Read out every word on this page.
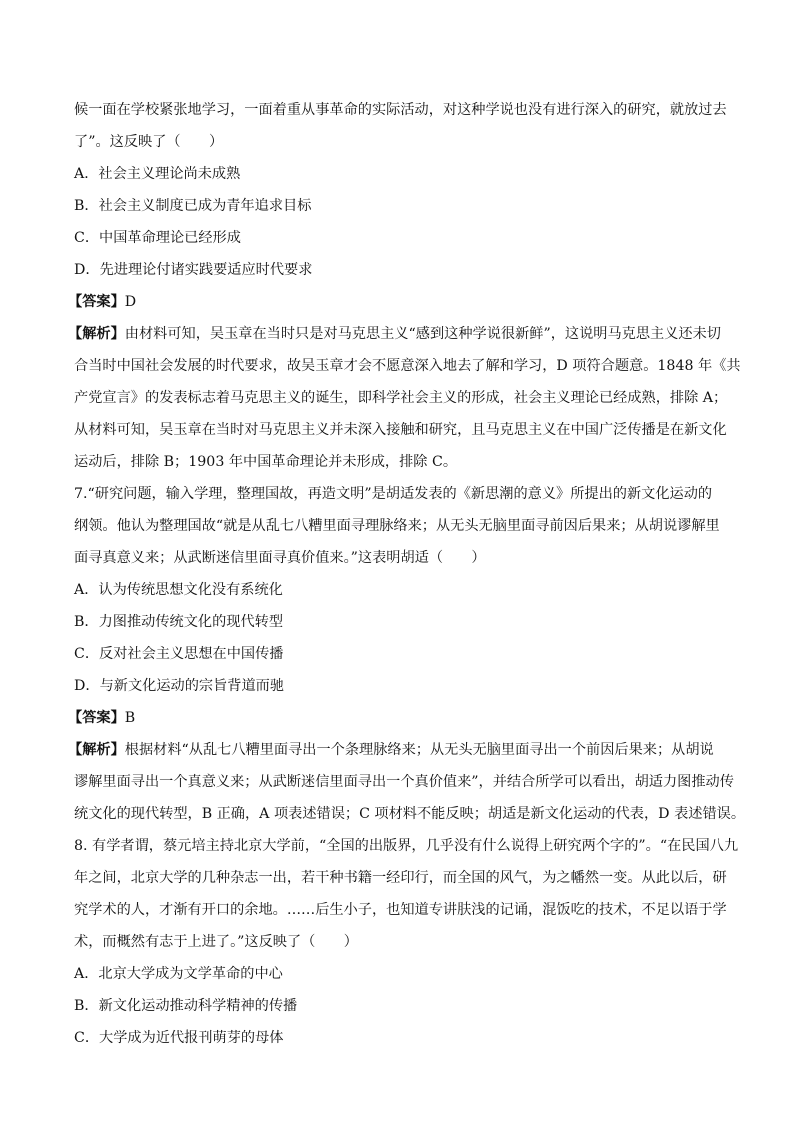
候一面在学校紧张地学习，一面着重从事革命的实际活动，对这种学说也没有进行深入的研究，就放过去
了”。这反映了（　　）
A．社会主义理论尚未成熟
B．社会主义制度已成为青年追求目标
C．中国革命理论已经形成
D．先进理论付诸实践要适应时代要求
【答案】D
【解析】由材料可知，吴玉章在当时只是对马克思主义“感到这种学说很新鲜”，这说明马克思主义还未切
合当时中国社会发展的时代要求，故吴玉章才会不愿意深入地去了解和学习，D 项符合题意。1848 年《共
产党宣言》的发表标志着马克思主义的诞生，即科学社会主义的形成，社会主义理论已经成熟，排除 A；
从材料可知，吴玉章在当时对马克思主义并未深入接触和研究，且马克思主义在中国广泛传播是在新文化
运动后，排除 B；1903 年中国革命理论并未形成，排除 C。
7.“研究问题，输入学理，整理国故，再造文明”是胡适发表的《新思潮的意义》所提出的新文化运动的
纲领。他认为整理国故“就是从乱七八糟里面寻理脉络来；从无头无脑里面寻前因后果来；从胡说谬解里
面寻真意义来；从武断迷信里面寻真价值来。”这表明胡适（　　）
A．认为传统思想文化没有系统化
B．力图推动传统文化的现代转型
C．反对社会主义思想在中国传播
D．与新文化运动的宗旨背道而驰
【答案】B
【解析】根据材料“从乱七八糟里面寻出一个条理脉络来；从无头无脑里面寻出一个前因后果来；从胡说
谬解里面寻出一个真意义来；从武断迷信里面寻出一个真价值来”，并结合所学可以看出，胡适力图推动传
统文化的现代转型，B 正确，A 项表述错误；C 项材料不能反映；胡适是新文化运动的代表，D 表述错误。
8. 有学者谓，蔡元培主持北京大学前，“全国的出版界，几乎没有什么说得上研究两个字的”。“在民国八九
年之间，北京大学的几种杂志一出，若干种书籍一经印行，而全国的风气，为之幡然一变。从此以后，研
究学术的人，才渐有开口的余地。……后生小子，也知道专讲肤浅的记诵，混饭吃的技术，不足以语于学
术，而概然有志于上进了。”这反映了（　　）
A．北京大学成为文学革命的中心
B．新文化运动推动科学精神的传播
C．大学成为近代报刊萌芽的母体
